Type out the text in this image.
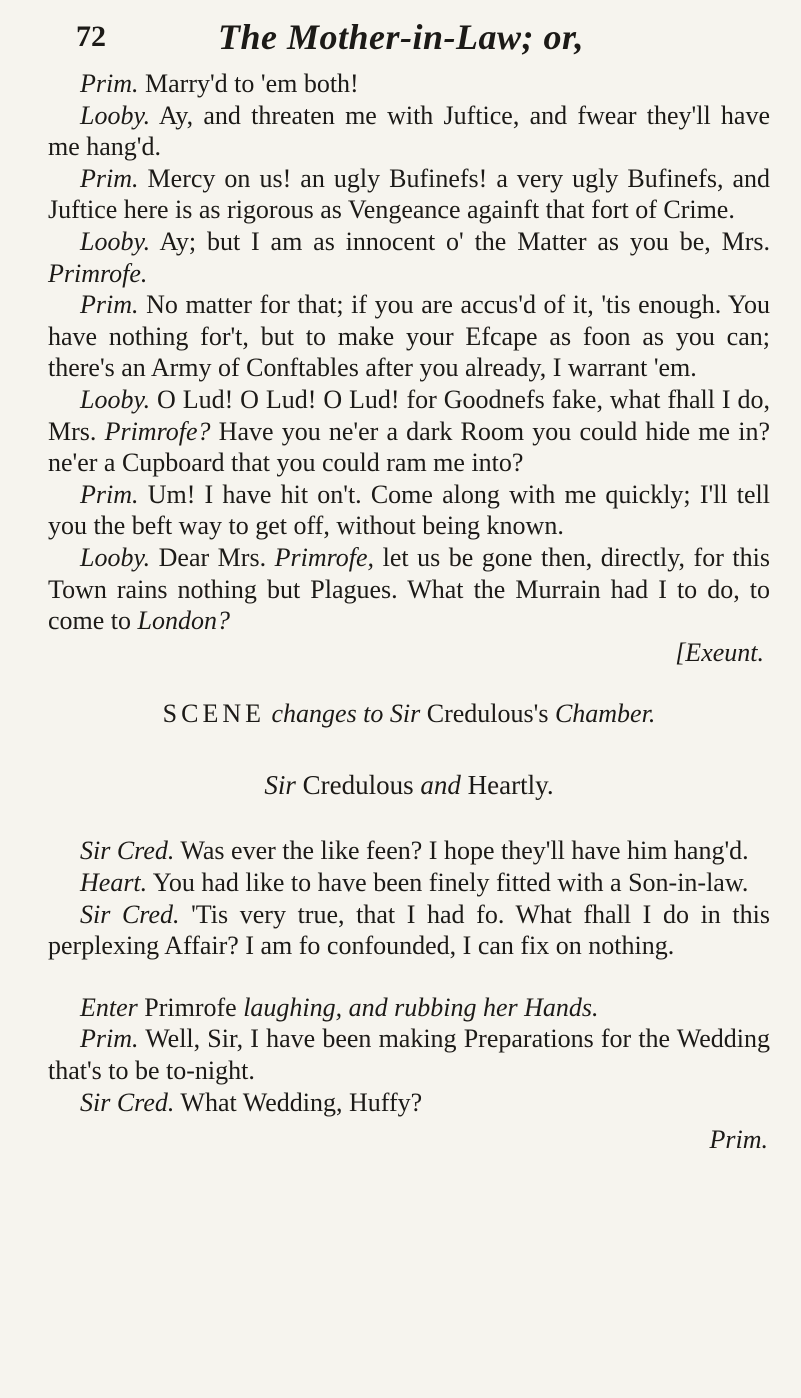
72	The Mother-in-Law; or,

Prim. Marry'd to 'em both!

Looby. Ay, and threaten me with Juftice, and fwear they'll have me hang'd.

Prim. Mercy on us! an ugly Bufinefs! a very ugly Bufinefs, and Juftice here is as rigorous as Vengeance againft that fort of Crime.

Looby. Ay; but I am as innocent o' the Matter as you be, Mrs. Primrofe.

Prim. No matter for that; if you are accus'd of it, 'tis enough. You have nothing for't, but to make your Efcape as foon as you can; there's an Army of Conftables after you already, I warrant 'em.

Looby. O Lud! O Lud! O Lud! for Goodnefs fake, what fhall I do, Mrs. Primrofe? Have you ne'er a dark Room you could hide me in? ne'er a Cupboard that you could ram me into?

Prim. Um! I have hit on't. Come along with me quickly; I'll tell you the beft way to get off, without being known.

Looby. Dear Mrs. Primrofe, let us be gone then, directly, for this Town rains nothing but Plagues. What the Murrain had I to do, to come to London?

[Exeunt.

SCENE changes to Sir Credulous's Chamber.

Sir Credulous and Heartly.

Sir Cred. Was ever the like feen? I hope they'll have him hang'd.

Heart. You had like to have been finely fitted with a Son-in-law.

Sir Cred. 'Tis very true, that I had fo. What fhall I do in this perplexing Affair? I am fo confounded, I can fix on nothing.

Enter Primrofe laughing, and rubbing her Hands.

Prim. Well, Sir, I have been making Preparations for the Wedding that's to be to-night.

Sir Cred. What Wedding, Huffy?

Prim.
